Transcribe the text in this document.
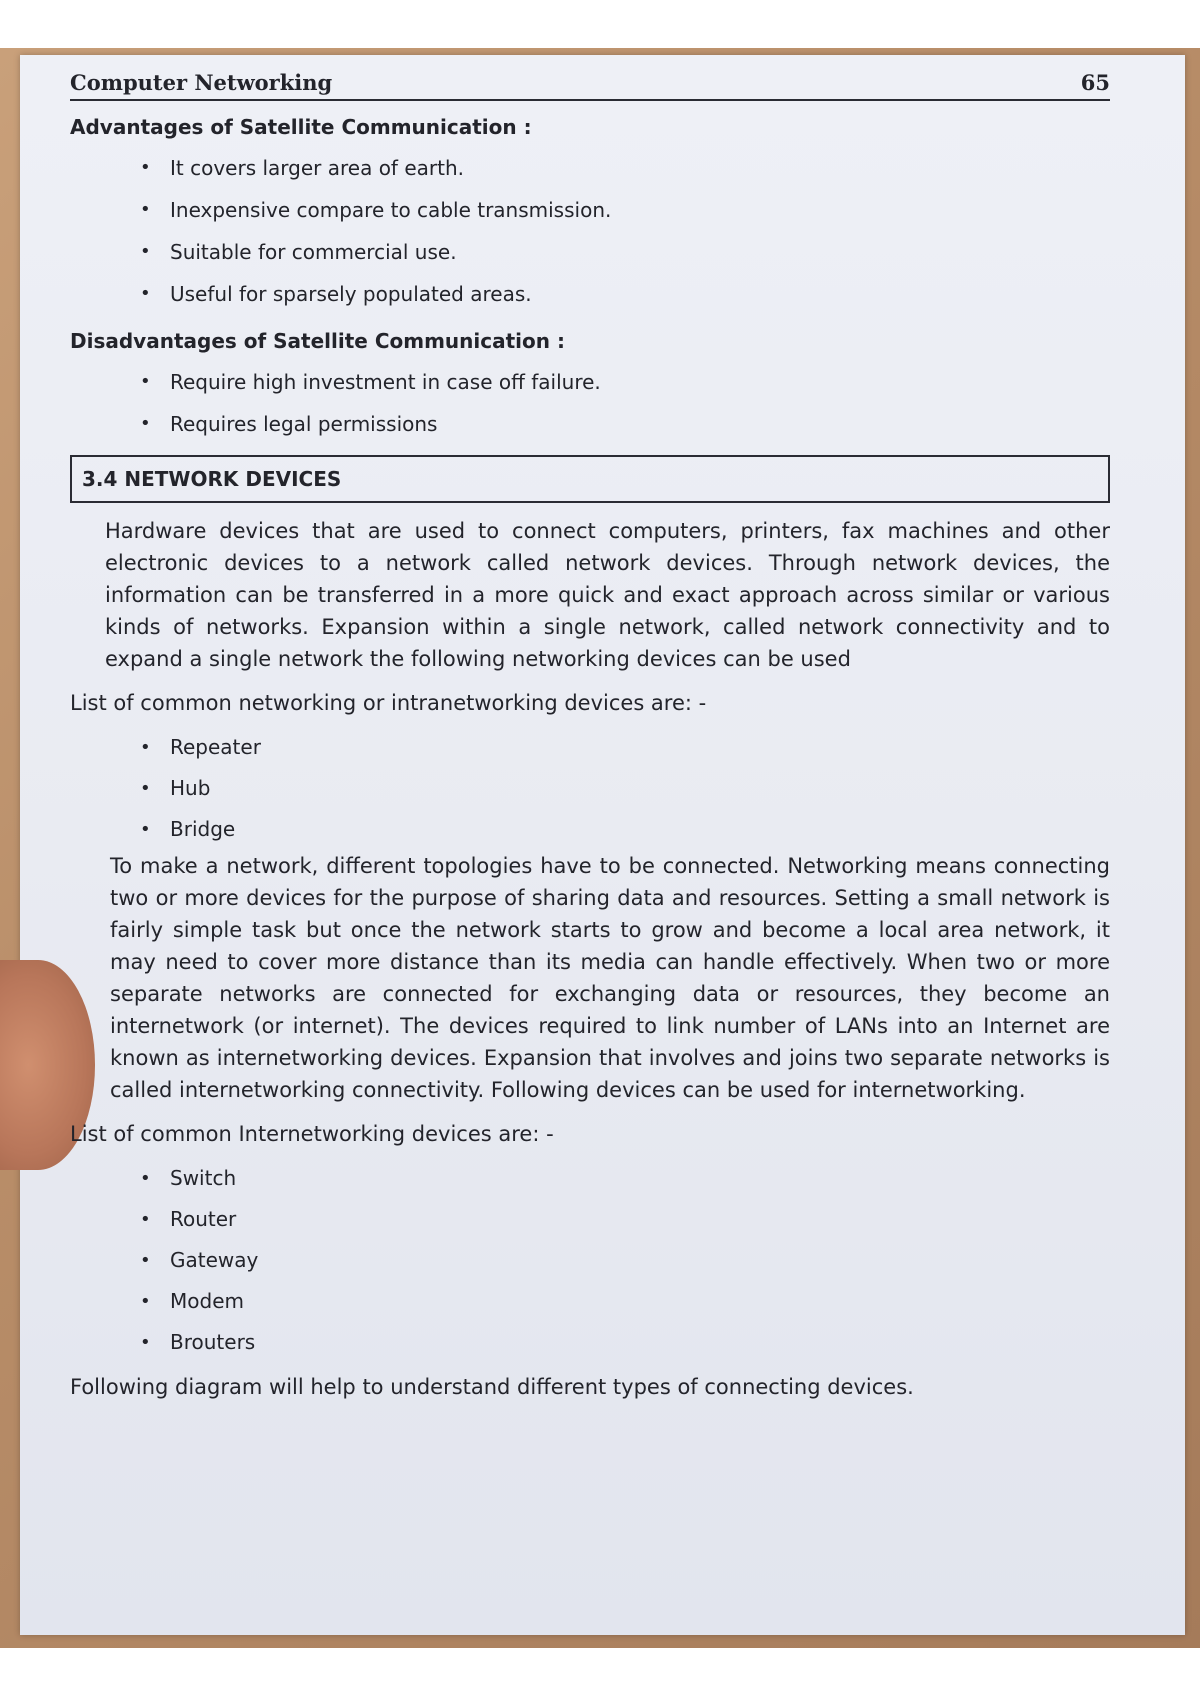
Computer Networking	65
Advantages of Satellite Communication :
• It covers larger area of earth.
• Inexpensive compare to cable transmission.
• Suitable for commercial use.
• Useful for sparsely populated areas.
Disadvantages of Satellite Communication :
• Require high investment in case off failure.
• Requires legal permissions
3.4 NETWORK DEVICES

Hardware devices that are used to connect computers, printers, fax machines and other electronic devices to a network called network devices. Through network devices, the information can be transferred in a more quick and exact approach across similar or various kinds of networks. Expansion within a single network, called network connectivity and to expand a single network the following networking devices can be used

List of common networking or intranetworking devices are: -
• Repeater
• Hub
• Bridge

To make a network, different topologies have to be connected. Networking means connecting two or more devices for the purpose of sharing data and resources. Setting a small network is fairly simple task but once the network starts to grow and become a local area network, it may need to cover more distance than its media can handle effectively. When two or more separate networks are connected for exchanging data or resources, they become an internetwork (or internet). The devices required to link number of LANs into an Internet are known as internetworking devices. Expansion that involves and joins two separate networks is called internetworking connectivity. Following devices can be used for internetworking.

List of common Internetworking devices are: -
• Switch
• Router
• Gateway
• Modem
• Brouters
Following diagram will help to understand different types of connecting devices.
